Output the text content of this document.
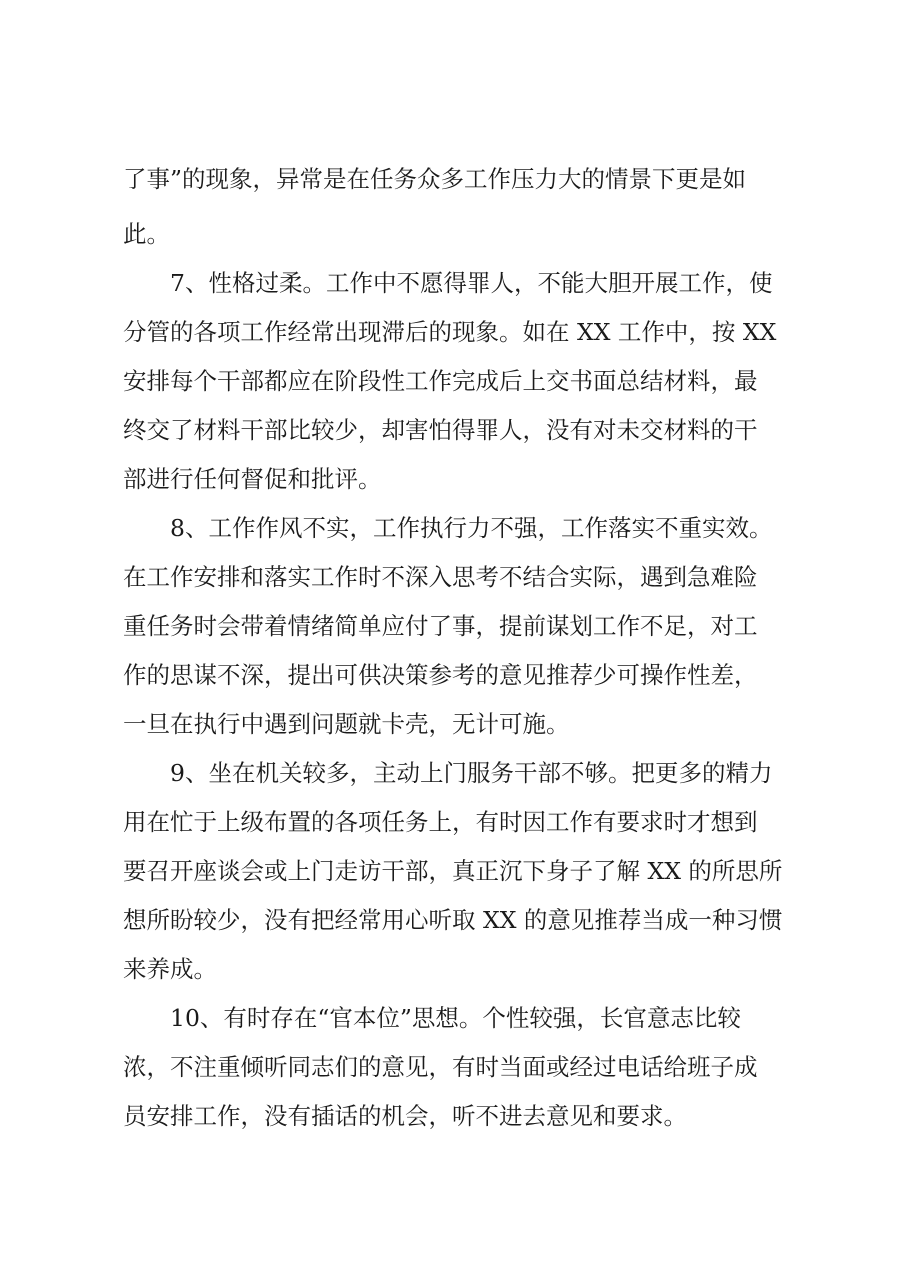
了事”的现象，异常是在任务众多工作压力大的情景下更是如

此。

7、性格过柔。工作中不愿得罪人，不能大胆开展工作，使

分管的各项工作经常出现滞后的现象。如在 XX 工作中，按 XX

安排每个干部都应在阶段性工作完成后上交书面总结材料，最

终交了材料干部比较少，却害怕得罪人，没有对未交材料的干

部进行任何督促和批评。

8、工作作风不实，工作执行力不强，工作落实不重实效。

在工作安排和落实工作时不深入思考不结合实际，遇到急难险

重任务时会带着情绪简单应付了事，提前谋划工作不足，对工

作的思谋不深，提出可供决策参考的意见推荐少可操作性差，

一旦在执行中遇到问题就卡壳，无计可施。

9、坐在机关较多，主动上门服务干部不够。把更多的精力

用在忙于上级布置的各项任务上，有时因工作有要求时才想到

要召开座谈会或上门走访干部，真正沉下身子了解 XX 的所思所

想所盼较少，没有把经常用心听取 XX 的意见推荐当成一种习惯

来养成。

10、有时存在“官本位”思想。个性较强，长官意志比较

浓，不注重倾听同志们的意见，有时当面或经过电话给班子成

员安排工作，没有插话的机会，听不进去意见和要求。
